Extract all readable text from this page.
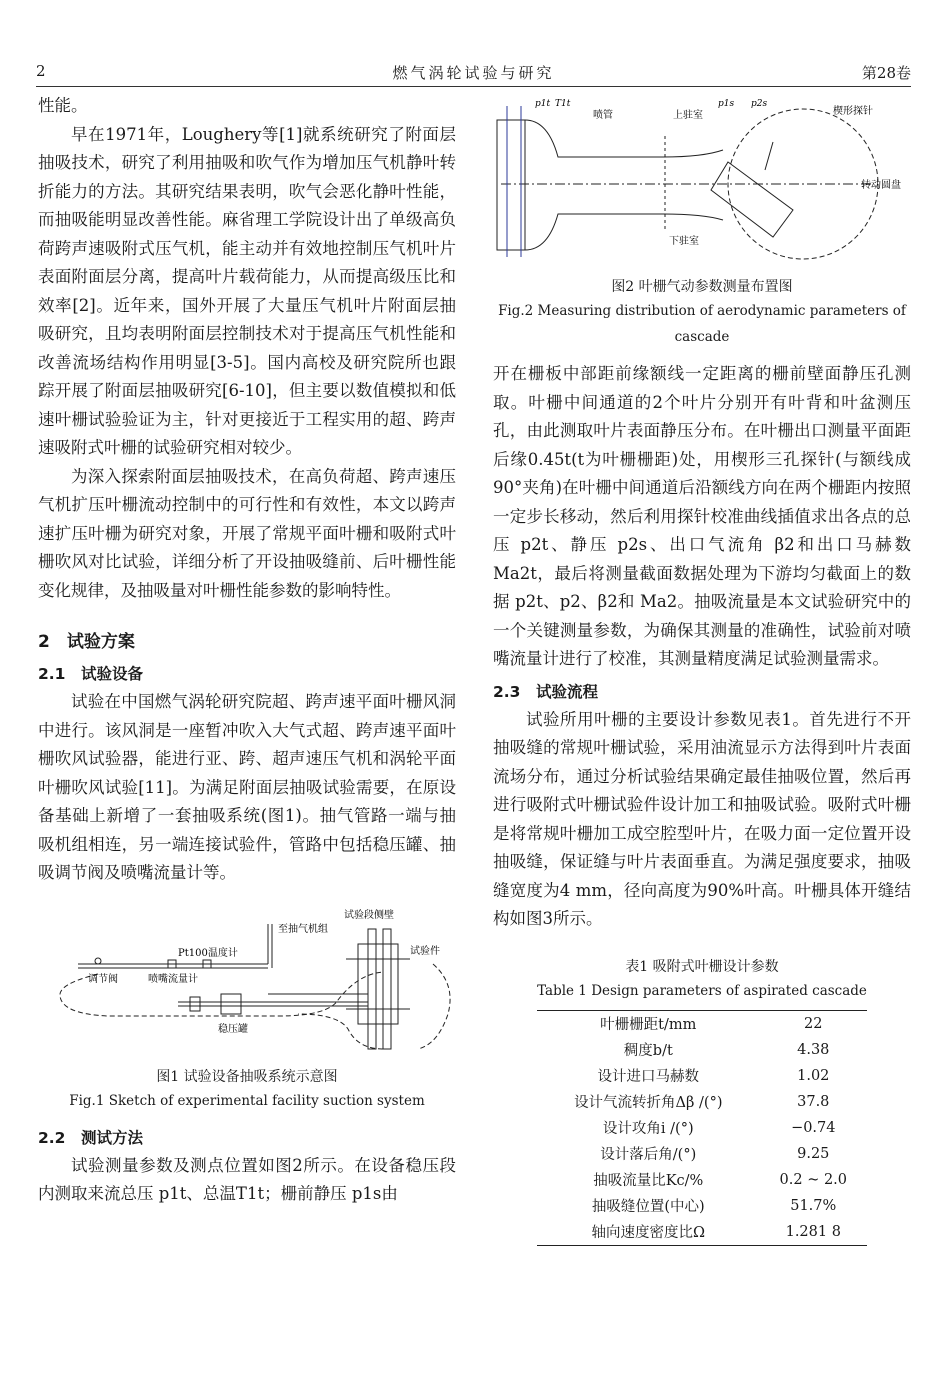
2	燃气涡轮试验与研究	第28卷

性能。

早在1971年，Loughery等[1]就系统研究了附面层抽吸技术，研究了利用抽吸和吹气作为增加压气机静叶转折能力的方法。其研究结果表明，吹气会恶化静叶性能，而抽吸能明显改善性能。麻省理工学院设计出了单级高负荷跨声速吸附式压气机，能主动并有效地控制压气机叶片表面附面层分离，提高叶片载荷能力，从而提高级压比和效率[2]。近年来，国外开展了大量压气机叶片附面层抽吸研究，且均表明附面层控制技术对于提高压气机性能和改善流场结构作用明显[3-5]。国内高校及研究院所也跟踪开展了附面层抽吸研究[6-10]，但主要以数值模拟和低速叶栅试验验证为主，针对更接近于工程实用的超、跨声速吸附式叶栅的试验研究相对较少。

为深入探索附面层抽吸技术，在高负荷超、跨声速压气机扩压叶栅流动控制中的可行性和有效性，本文以跨声速扩压叶栅为研究对象，开展了常规平面叶栅和吸附式叶栅吹风对比试验，详细分析了开设抽吸缝前、后叶栅性能变化规律，及抽吸量对叶栅性能参数的影响特性。

2　试验方案
2.1　试验设备

试验在中国燃气涡轮研究院超、跨声速平面叶栅风洞中进行。该风洞是一座暂冲吹入大气式超、跨声速平面叶栅吹风试验器，能进行亚、跨、超声速压气机和涡轮平面叶栅吹风试验[11]。为满足附面层抽吸试验需要，在原设备基础上新增了一套抽吸系统(图1)。抽气管路一端与抽吸机组相连，另一端连接试验件，管路中包括稳压罐、抽吸调节阀及喷嘴流量计等。

试验段侧壁
至抽气机组
Pt100温度计	试验件
调节阀	喷嘴流量计
稳压罐
图1 试验设备抽吸系统示意图
Fig.1 Sketch of experimental facility suction system
2.2　测试方法

试验测量参数及测点位置如图2所示。在设备稳压段内测取来流总压 p1t、总温T1t；栅前静压 p1s由

p1t T1t
喷管	上驻室
p1s p2s
楔形探针
转动圆盘
下驻室
图2 叶栅气动参数测量布置图
Fig.2 Measuring distribution of aerodynamic parameters of
cascade

开在栅板中部距前缘额线一定距离的栅前壁面静压孔测取。叶栅中间通道的2个叶片分别开有叶背和叶盆测压孔，由此测取叶片表面静压分布。在叶栅出口测量平面距后缘0.45t(t为叶栅栅距)处，用楔形三孔探针(与额线成90°夹角)在叶栅中间通道后沿额线方向在两个栅距内按照一定步长移动，然后利用探针校准曲线插值求出各点的总压 p2t、静压 p2s、出口气流角 β2和出口马赫数 Ma2t，最后将测量截面数据处理为下游均匀截面上的数据 p2t、p2、β2和 Ma2。抽吸流量是本文试验研究中的一个关键测量参数，为确保其测量的准确性，试验前对喷嘴流量计进行了校准，其测量精度满足试验测量需求。

2.3　试验流程

试验所用叶栅的主要设计参数见表1。首先进行不开抽吸缝的常规叶栅试验，采用油流显示方法得到叶片表面流场分布，通过分析试验结果确定最佳抽吸位置，然后再进行吸附式叶栅试验件设计加工和抽吸试验。吸附式叶栅是将常规叶栅加工成空腔型叶片，在吸力面一定位置开设抽吸缝，保证缝与叶片表面垂直。为满足强度要求，抽吸缝宽度为4 mm，径向高度为90%叶高。叶栅具体开缝结构如图3所示。

表1 吸附式叶栅设计参数
Table 1 Design parameters of aspirated cascade
叶栅栅距t/mm	22
稠度b/t	4.38
设计进口马赫数	1.02
设计气流转折角Δβ /(°)	37.8
设计攻角i /(°)	−0.74
设计落后角/(°)	9.25
抽吸流量比Kc/%	0.2 ~ 2.0
抽吸缝位置(中心)	51.7%
轴向速度密度比Ω	1.281 8
